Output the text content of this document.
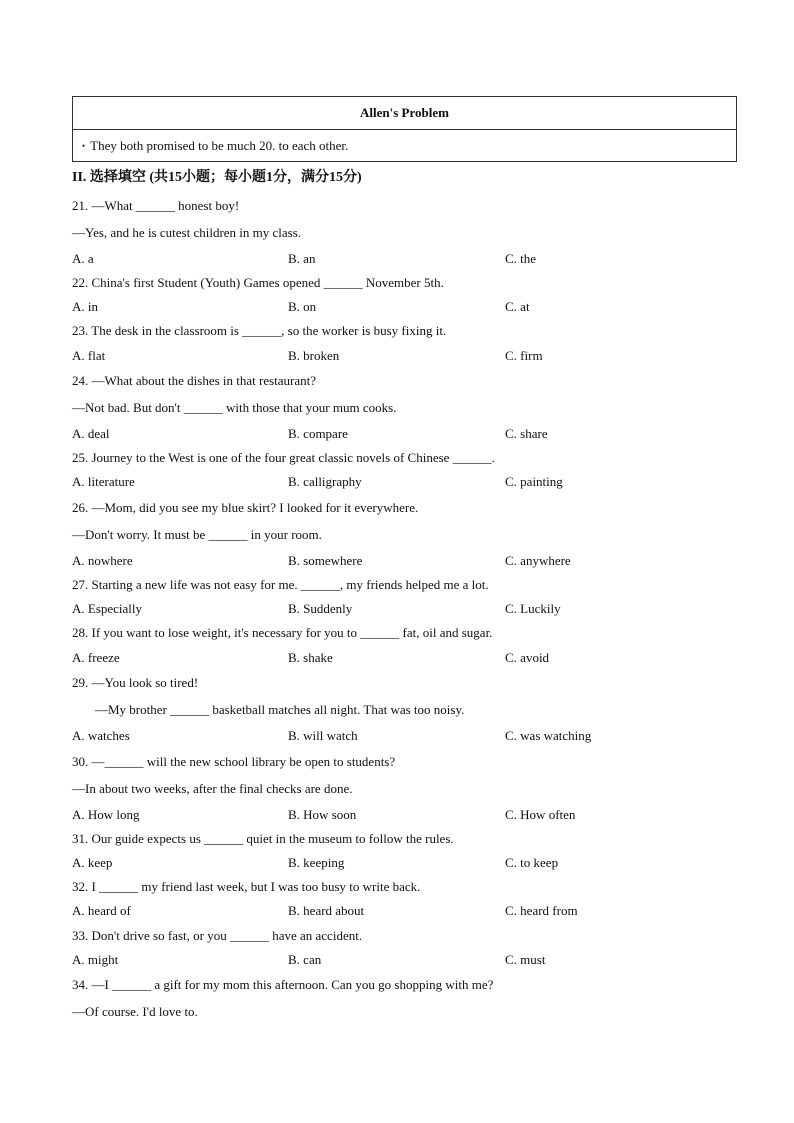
Allen's Problem
• They both promised to be much 20. to each other.
II. 选择填空 (共15小题；每小题1分，满分15分)
21. —What ______ honest boy!
—Yes, and he is cutest children in my class.
A. a	B. an	C. the
22. China's first Student (Youth) Games opened ______ November 5th.
A. in	B. on	C. at
23. The desk in the classroom is ______, so the worker is busy fixing it.
A. flat	B. broken	C. firm
24. —What about the dishes in that restaurant?
—Not bad. But don't ______ with those that your mum cooks.
A. deal	B. compare	C. share
25. Journey to the West is one of the four great classic novels of Chinese ______.
A. literature	B. calligraphy	C. painting
26. —Mom, did you see my blue skirt? I looked for it everywhere.
—Don't worry. It must be ______ in your room.
A. nowhere	B. somewhere	C. anywhere
27. Starting a new life was not easy for me. ______, my friends helped me a lot.
A. Especially	B. Suddenly	C. Luckily
28. If you want to lose weight, it's necessary for you to ______ fat, oil and sugar.
A. freeze	B. shake	C. avoid
29. —You look so tired!
—My brother ______ basketball matches all night. That was too noisy.
A. watches	B. will watch	C. was watching
30. —______ will the new school library be open to students?
—In about two weeks, after the final checks are done.
A. How long	B. How soon	C. How often
31. Our guide expects us ______ quiet in the museum to follow the rules.
A. keep	B. keeping	C. to keep
32. I ______ my friend last week, but I was too busy to write back.
A. heard of	B. heard about	C. heard from
33. Don't drive so fast, or you ______ have an accident.
A. might	B. can	C. must
34. —I ______ a gift for my mom this afternoon. Can you go shopping with me?
—Of course. I'd love to.
